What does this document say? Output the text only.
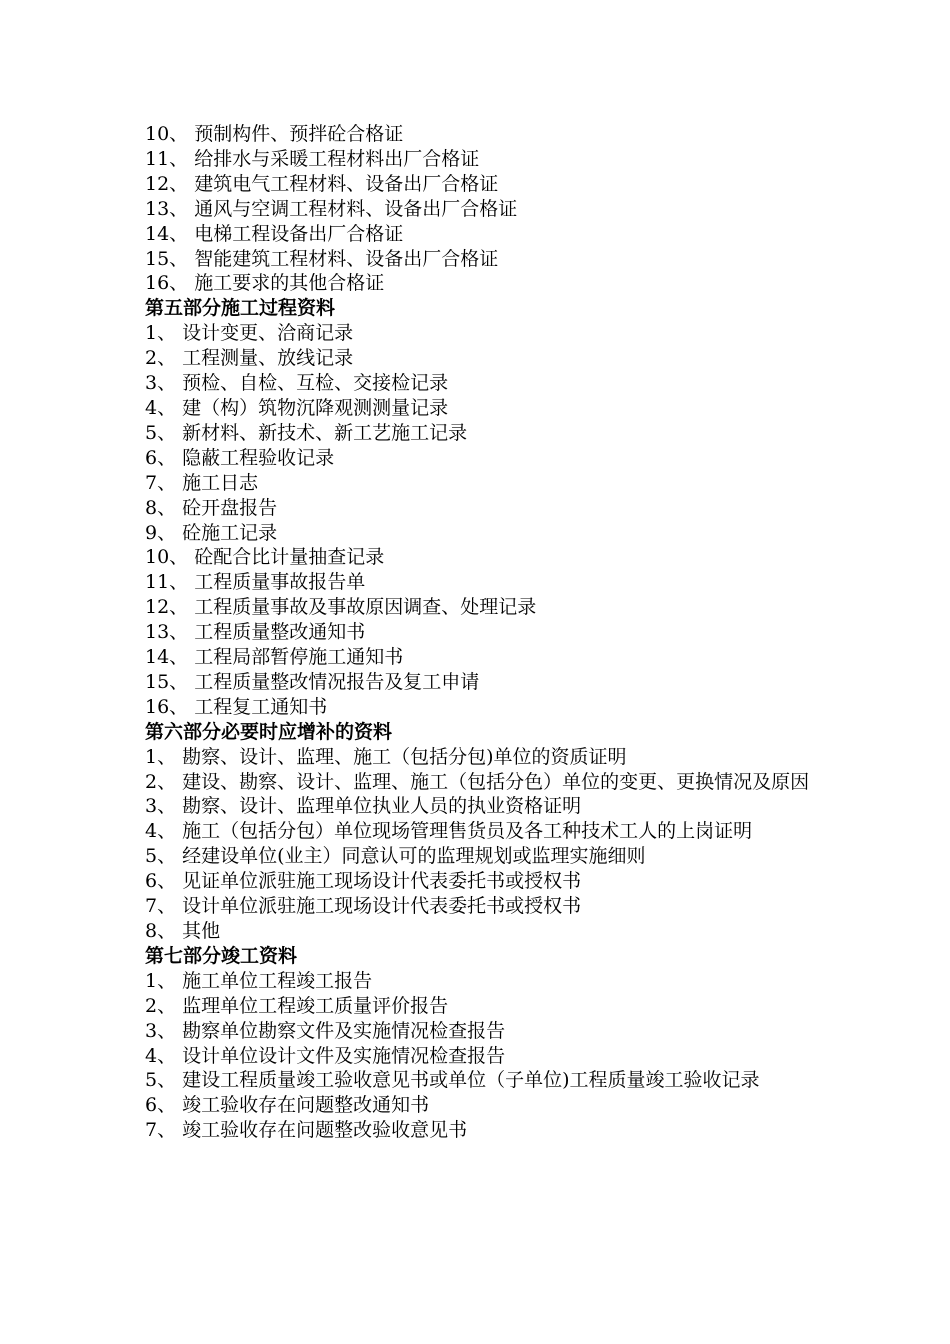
10、 预制构件、预拌砼合格证
11、 给排水与采暖工程材料出厂合格证
12、 建筑电气工程材料、设备出厂合格证
13、 通风与空调工程材料、设备出厂合格证
14、 电梯工程设备出厂合格证
15、 智能建筑工程材料、设备出厂合格证
16、 施工要求的其他合格证
第五部分施工过程资料
1、 设计变更、洽商记录
2、 工程测量、放线记录
3、 预检、自检、互检、交接检记录
4、 建（构）筑物沉降观测测量记录
5、 新材料、新技术、新工艺施工记录
6、 隐蔽工程验收记录
7、 施工日志
8、 砼开盘报告
9、 砼施工记录
10、 砼配合比计量抽查记录
11、 工程质量事故报告单
12、 工程质量事故及事故原因调查、处理记录
13、 工程质量整改通知书
14、 工程局部暂停施工通知书
15、 工程质量整改情况报告及复工申请
16、 工程复工通知书
第六部分必要时应增补的资料
1、 勘察、设计、监理、施工（包括分包)单位的资质证明
2、 建设、勘察、设计、监理、施工（包括分色）单位的变更、更换情况及原因
3、 勘察、设计、监理单位执业人员的执业资格证明
4、 施工（包括分包）单位现场管理售货员及各工种技术工人的上岗证明
5、 经建设单位(业主）同意认可的监理规划或监理实施细则
6、 见证单位派驻施工现场设计代表委托书或授权书
7、 设计单位派驻施工现场设计代表委托书或授权书
8、 其他
第七部分竣工资料
1、 施工单位工程竣工报告
2、 监理单位工程竣工质量评价报告
3、 勘察单位勘察文件及实施情况检查报告
4、 设计单位设计文件及实施情况检查报告
5、 建设工程质量竣工验收意见书或单位（子单位)工程质量竣工验收记录
6、 竣工验收存在问题整改通知书
7、 竣工验收存在问题整改验收意见书
